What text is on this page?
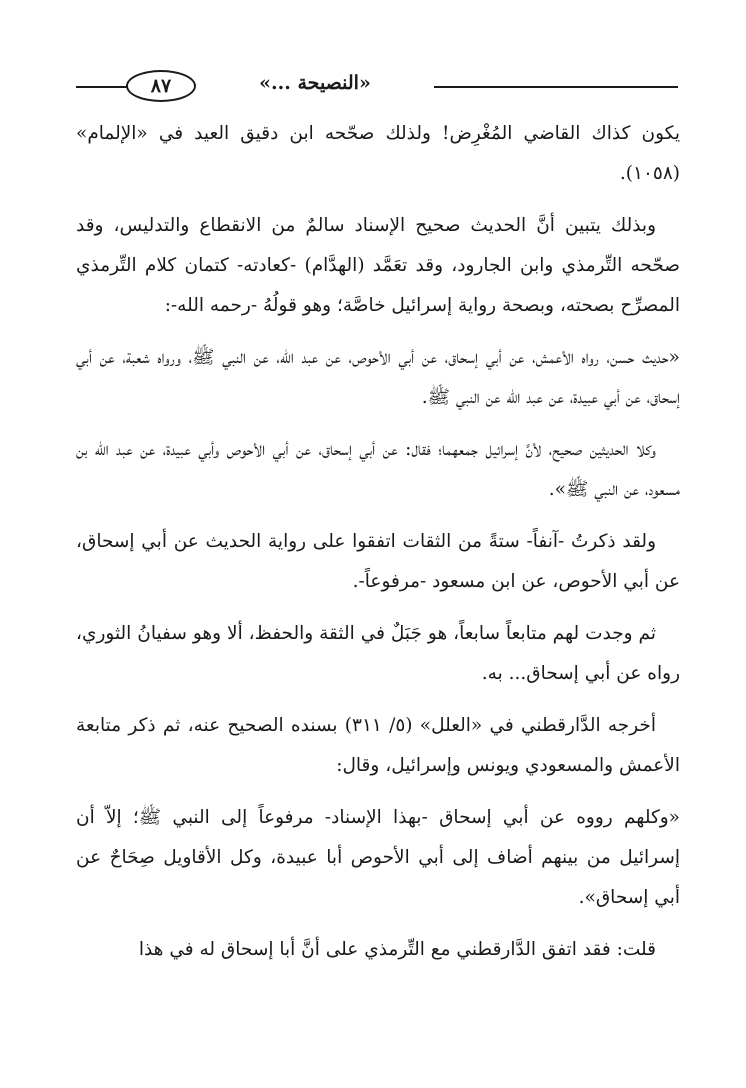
٨٧	«النصيحة ...»

يكون كذاك القاضي المُغْرِض! ولذلك صحّحه ابن دقيق العيد في «الإلمام» (١٠٥٨).

وبذلك يتبين أنَّ الحديث صحيح الإسناد سالمٌ من الانقطاع والتدليس، وقد صحّحه التِّرمذي وابن الجارود، وقد تعَمَّد (الهدَّام) -كعادته- كتمان كلام التِّرمذي المصرِّح بصحته، وبصحة رواية إسرائيل خاصَّة؛ وهو قولُهُ -رحمه الله-:

«حديث حسن، رواه الأعمش، عن أبي إسحاق، عن أبي الأحوص، عن عبد الله، عن النبي ﷺ، ورواه شعبة، عن أبي إسحاق، عن أبي عبيدة، عن عبد الله عن النبي ﷺ.

وكلا الحديثين صحيح، لأنَّ إسرائيل جمعهما؛ فقال: عن أبي إسحاق، عن أبي الأحوص وأبي عبيدة، عن عبد الله بن مسعود، عن النبي ﷺ».

ولقد ذكرتُ -آنفاً- ستةً من الثقات اتفقوا على رواية الحديث عن أبي إسحاق، عن أبي الأحوص، عن ابن مسعود -مرفوعاً-.

ثم وجدت لهم متابعاً سابعاً، هو جَبَلٌ في الثقة والحفظ، ألا وهو سفيانُ الثوري، رواه عن أبي إسحاق... به.

أخرجه الدَّارقطني في «العلل» (٥/ ٣١١) بسنده الصحيح عنه، ثم ذكر متابعة الأعمش والمسعودي ويونس وإسرائيل، وقال:

«وكلهم رووه عن أبي إسحاق -بهذا الإسناد- مرفوعاً إلى النبي ﷺ؛ إلاّ أن إسرائيل من بينهم أضاف إلى أبي الأحوص أبا عبيدة، وكل الأقاويل صِحَاحٌ عن أبي إسحاق».

قلت: فقد اتفق الدَّارقطني مع التِّرمذي على أنَّ أبا إسحاق له في هذا
